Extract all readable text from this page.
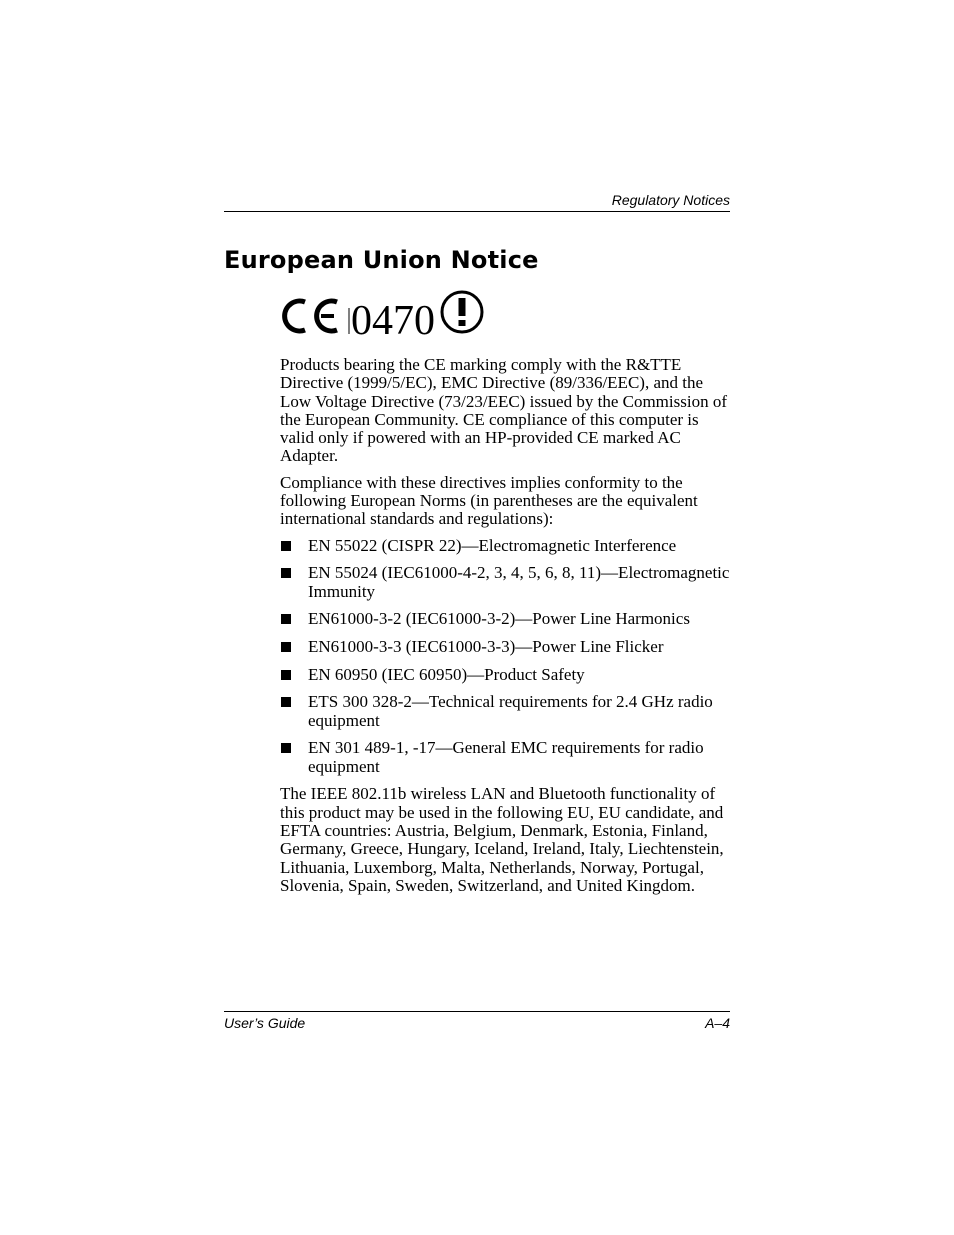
Regulatory Notices
European Union Notice
0470

Products bearing the CE marking comply with the R&TTE Directive (1999/5/EC), EMC Directive (89/336/EEC), and the Low Voltage Directive (73/23/EEC) issued by the Commission of the European Community. CE compliance of this computer is valid only if powered with an HP-provided CE marked AC Adapter.

Compliance with these directives implies conformity to the following European Norms (in parentheses are the equivalent international standards and regulations):

EN 55022 (CISPR 22)—Electromagnetic Interference
EN 55024 (IEC61000-4-2, 3, 4, 5, 6, 8, 11)—Electromagnetic Immunity
EN61000-3-2 (IEC61000-3-2)—Power Line Harmonics
EN61000-3-3 (IEC61000-3-3)—Power Line Flicker
EN 60950 (IEC 60950)—Product Safety
ETS 300 328-2—Technical requirements for 2.4 GHz radio equipment
EN 301 489-1, -17—General EMC requirements for radio equipment

The IEEE 802.11b wireless LAN and Bluetooth functionality of this product may be used in the following EU, EU candidate, and EFTA countries: Austria, Belgium, Denmark, Estonia, Finland, Germany, Greece, Hungary, Iceland, Ireland, Italy, Liechtenstein, Lithuania, Luxemborg, Malta, Netherlands, Norway, Portugal, Slovenia, Spain, Sweden, Switzerland, and United Kingdom.

User’s Guide	A–4
